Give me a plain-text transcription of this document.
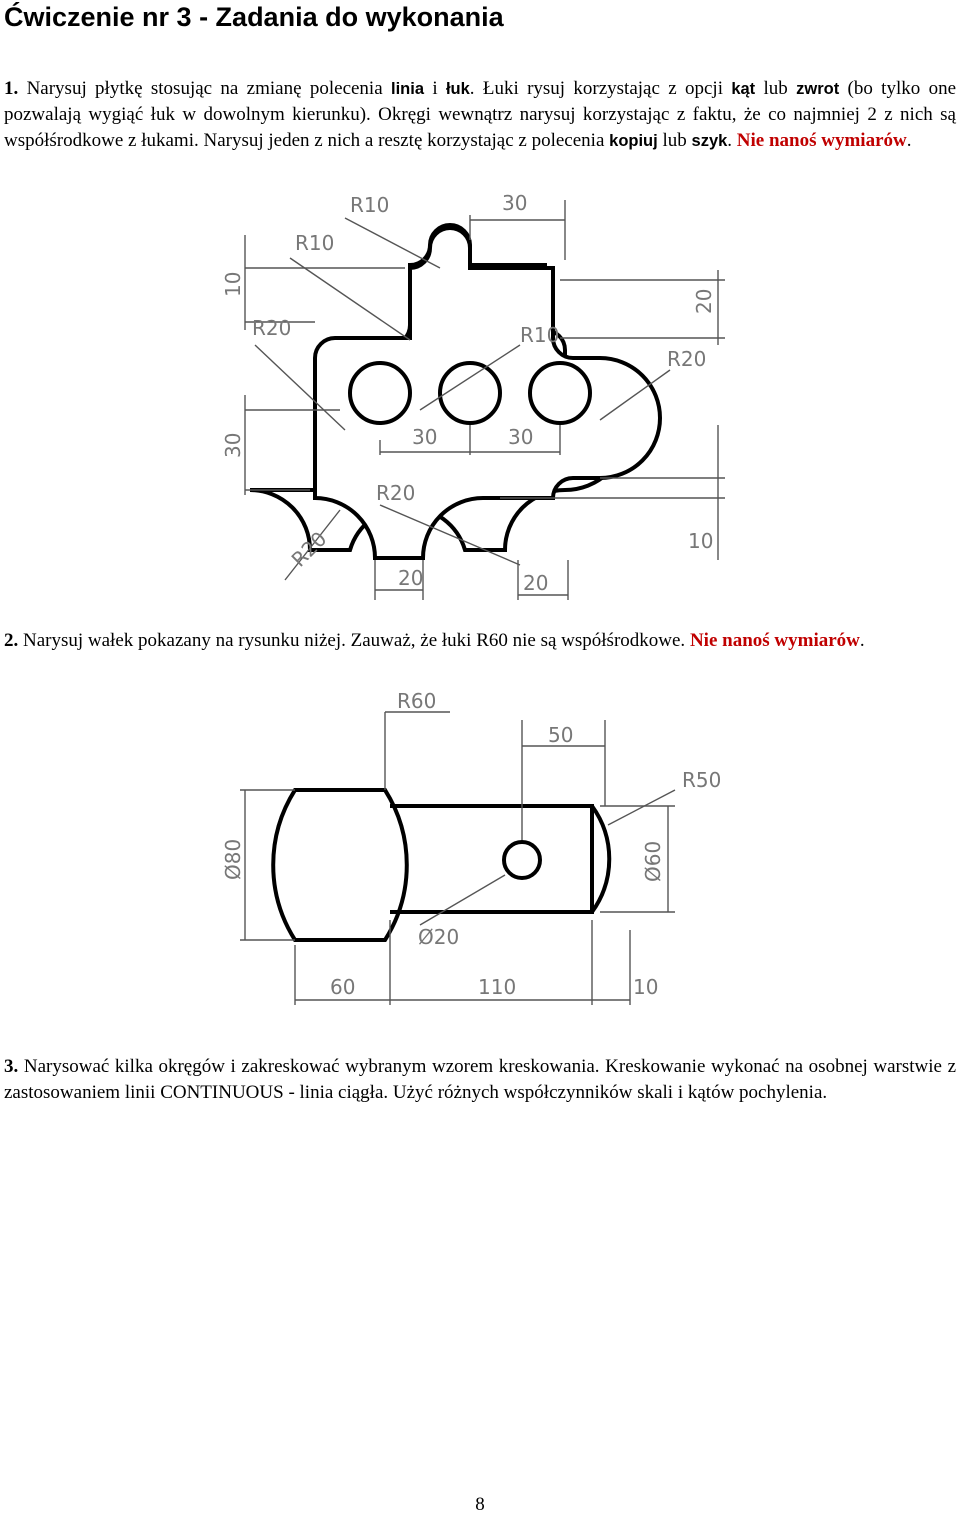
Ćwiczenie nr 3 - Zadania do wykonania

1. Narysuj płytkę stosując na zmianę polecenia linia i łuk. Łuki rysuj korzystając z opcji kąt lub zwrot (bo tylko one pozwalają wygiąć łuk w dowolnym kierunku). Okręgi wewnątrz narysuj korzystając z faktu, że co najmniej 2 z nich są współśrodkowe z łukami. Narysuj jeden z nich a resztę korzystając z polecenia kopiuj lub szyk. Nie nanoś wymiarów.

R10	30
R10
10
20
R20	R10
R20
30	30	30
R20
R20	10
20	20

2. Narysuj wałek pokazany na rysunku niżej. Zauważ, że łuki R60 nie są współśrodkowe. Nie nanoś wymiarów.

R60
50
R50
Ø80	Ø60
Ø20
60	110	10

3. Narysować kilka okręgów i zakreskować wybranym wzorem kreskowania. Kreskowanie wykonać na osobnej warstwie z zastosowaniem linii CONTINUOUS - linia ciągła. Użyć różnych współczynników skali i kątów pochylenia.

8
